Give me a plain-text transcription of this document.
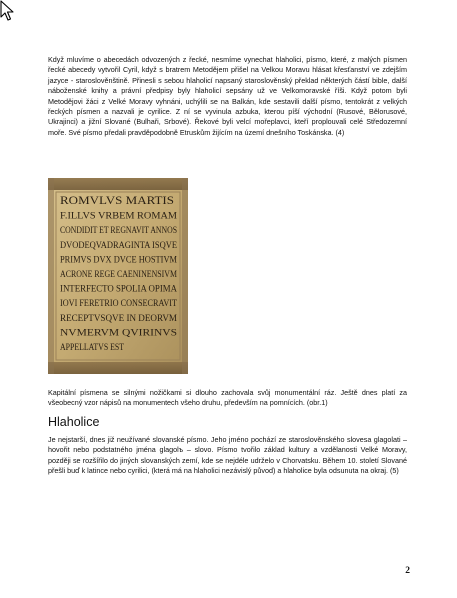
Když mluvíme o abecedách odvozených z řecké, nesmíme vynechat hlaholici, písmo, které, z malých písmen řecké abecedy vytvořil Cyril, když s bratrem Metodějem přišel na Velkou Moravu hlásat křesťanství ve zdejším jazyce - staroslověnštině. Přinesli s sebou hlaholicí napsaný staroslověnský překlad některých částí bible, další náboženské knihy a právní předpisy byly hlaholicí sepsány už ve Velkomoravské říši. Když potom byli Metodějovi žáci z Velké Moravy vyhnáni, uchýlili se na Balkán, kde sestavili další písmo, tentokrát z velkých řeckých písmen a nazvali je cyrilice. Z ní se vyvinula azbuka, kterou píší východní (Rusové, Bělorusové, Ukrajinci) a jižní Slované (Bulhaři, Srbové). Řekové byli velcí mořeplavci, kteří proplouvali celé Středozemní moře. Své písmo předali pravděpodobně Etruskům žijícím na území dnešního Toskánska. (4)

ROMVLVS MARTIS
F.ILLVS VRBEM ROMAM
CONDIDIT ET REGNAVIT ANNOS
DVODEQVADRAGINTA ISQVE
PRIMVS DVX DVCE HOSTIVM
ACRONE REGE CAENINENSIVM
INTERFECTO SPOLIA OPIMA
IOVI FERETRIO CONSECRAVIT
RECEPTVSQVE IN DEORVM
NVMERVM QVIRINVS
APPELLATVS EST

Kapitální písmena se silnými nožičkami si dlouho zachovala svůj monumentální ráz. Ještě dnes platí za všeobecný vzor nápisů na monumentech všeho druhu, především na pomnících. (obr.1)

Hlaholice

Je nejstarší, dnes již neužívané slovanské písmo. Jeho jméno pochází ze staroslověnského slovesa glagolati – hovořit nebo podstatného jména glagolъ – slovo. Písmo tvořilo základ kultury a vzdělanosti Velké Moravy, později se rozšířilo do jiných slovanských zemí, kde se nejdéle udrželo v Chorvatsku. Během 10. století Slované přešli buď k latince nebo cyrilici, (která má na hlaholici nezávislý původ) a hlaholice byla odsunuta na okraj. (5)

2
